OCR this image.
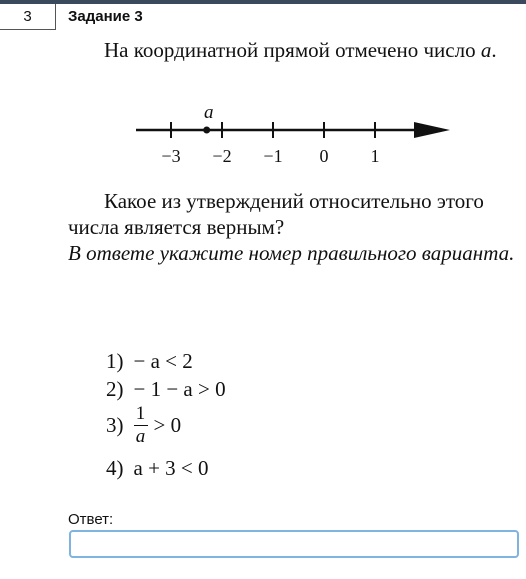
3 Задание 3

На координатной прямой отмечено число a.

−3 −2 −1 0 1
a

Какое из утверждений относительно этого числа является верным?

В ответе укажите номер правильного варианта.

1) − a < 2
2) − 1 − a > 0
$3) \frac{1}{a} > 0$
4) a + 3 < 0
Ответ:
